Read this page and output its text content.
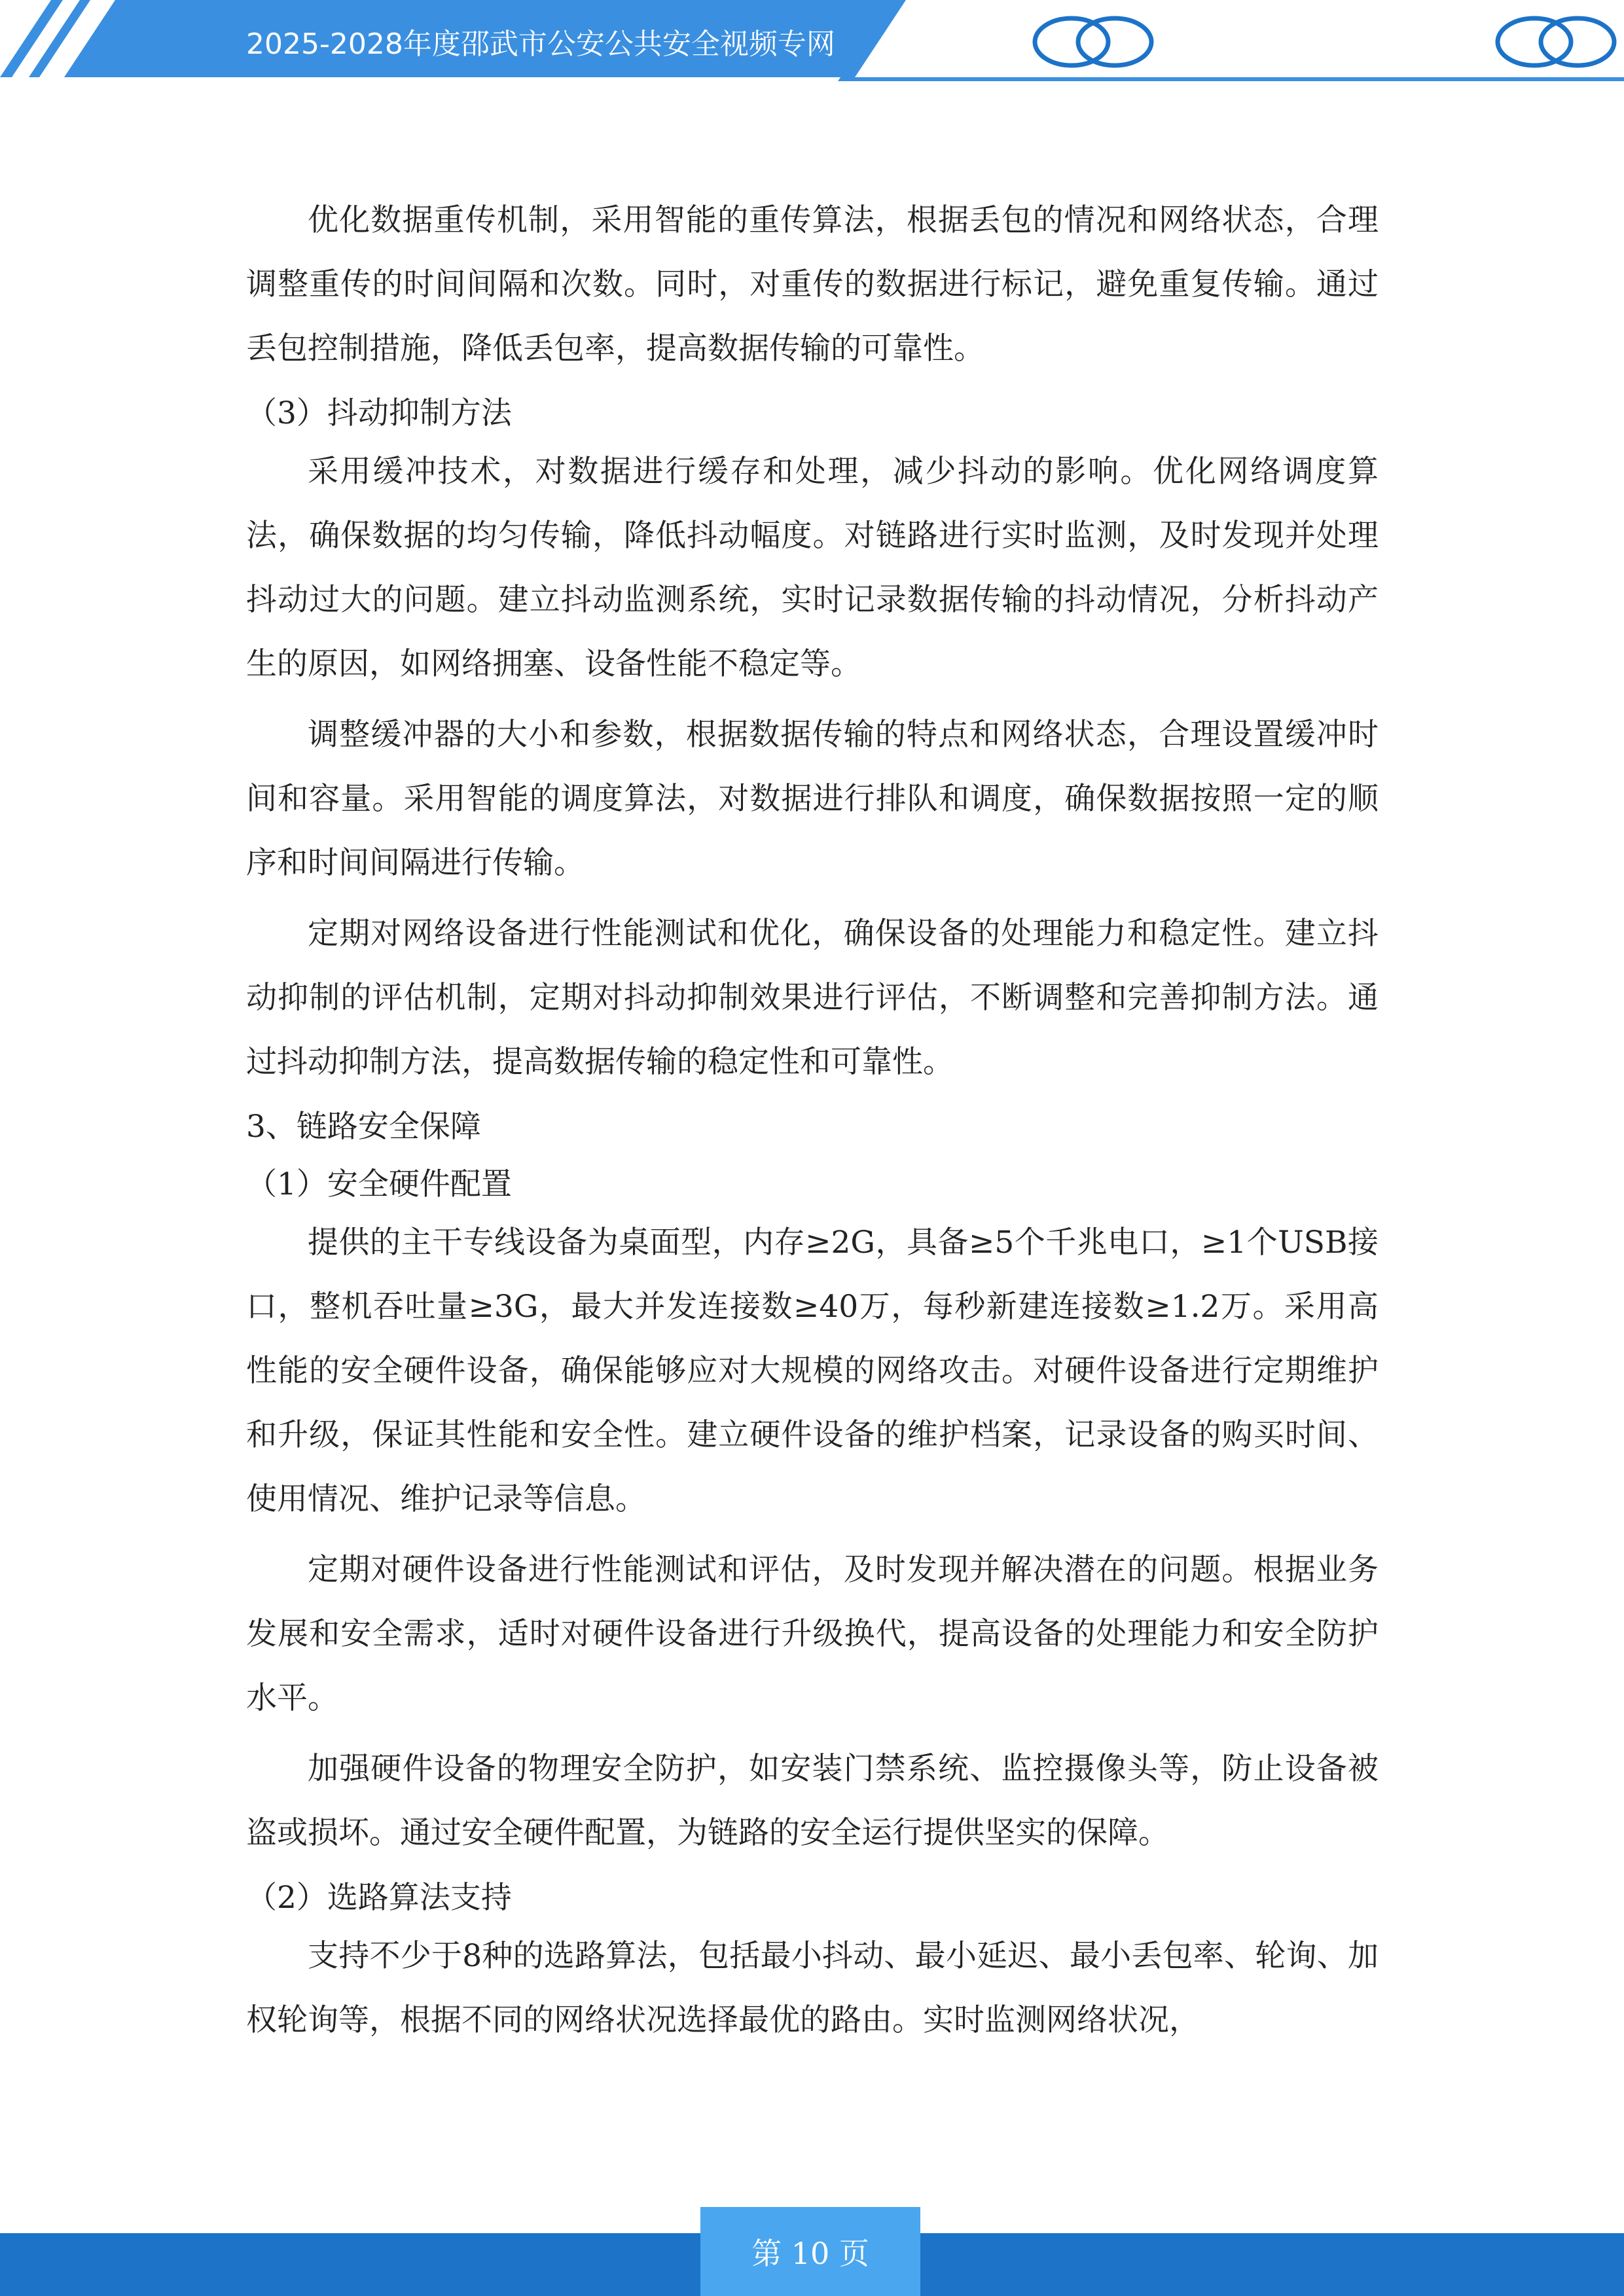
2025-2028年度邵武市公安公共安全视频专网

优化数据重传机制，采用智能的重传算法，根据丢包的情况和网络状态，合理调整重传的时间间隔和次数。同时，对重传的数据进行标记，避免重复传输。通过丢包控制措施，降低丢包率，提高数据传输的可靠性。

（3）抖动抑制方法

采用缓冲技术，对数据进行缓存和处理，减少抖动的影响。优化网络调度算法，确保数据的均匀传输，降低抖动幅度。对链路进行实时监测，及时发现并处理抖动过大的问题。建立抖动监测系统，实时记录数据传输的抖动情况，分析抖动产生的原因，如网络拥塞、设备性能不稳定等。

调整缓冲器的大小和参数，根据数据传输的特点和网络状态，合理设置缓冲时间和容量。采用智能的调度算法，对数据进行排队和调度，确保数据按照一定的顺序和时间间隔进行传输。

定期对网络设备进行性能测试和优化，确保设备的处理能力和稳定性。建立抖动抑制的评估机制，定期对抖动抑制效果进行评估，不断调整和完善抑制方法。通过抖动抑制方法，提高数据传输的稳定性和可靠性。

3、链路安全保障
（1）安全硬件配置

提供的主干专线设备为桌面型，内存≥2G，具备≥5个千兆电口，≥1个USB接口，整机吞吐量≥3G，最大并发连接数≥40万，每秒新建连接数≥1.2万。采用高性能的安全硬件设备，确保能够应对大规模的网络攻击。对硬件设备进行定期维护和升级，保证其性能和安全性。建立硬件设备的维护档案，记录设备的购买时间、使用情况、维护记录等信息。

定期对硬件设备进行性能测试和评估，及时发现并解决潜在的问题。根据业务发展和安全需求，适时对硬件设备进行升级换代，提高设备的处理能力和安全防护水平。

加强硬件设备的物理安全防护，如安装门禁系统、监控摄像头等，防止设备被盗或损坏。通过安全硬件配置，为链路的安全运行提供坚实的保障。

（2）选路算法支持

支持不少于8种的选路算法，包括最小抖动、最小延迟、最小丢包率、轮询、加权轮询等，根据不同的网络状况选择最优的路由。实时监测网络状况，

第 10 页
